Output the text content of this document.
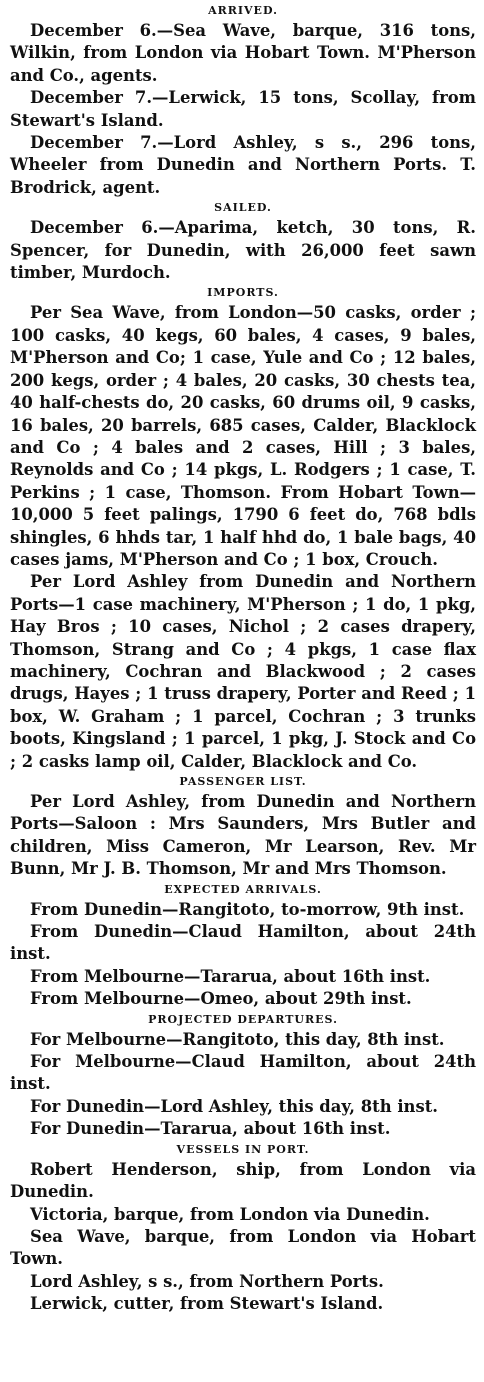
ARRIVED.

December 6.—Sea Wave, barque, 316 tons, Wilkin, from London via Hobart Town. M'Pherson and Co., agents.

December 7.—Lerwick, 15 tons, Scollay, from Stewart's Island.

December 7.—Lord Ashley, s s., 296 tons, Wheeler from Dunedin and Northern Ports. T. Brodrick, agent.

SAILED.

December 6.—Aparima, ketch, 30 tons, R. Spencer, for Dunedin, with 26,000 feet sawn timber, Murdoch.

IMPORTS.

Per Sea Wave, from London—50 casks, order ; 100 casks, 40 kegs, 60 bales, 4 cases, 9 bales, M'Pherson and Co; 1 case, Yule and Co ; 12 bales, 200 kegs, order ; 4 bales, 20 casks, 30 chests tea, 40 half-chests do, 20 casks, 60 drums oil, 9 casks, 16 bales, 20 barrels, 685 cases, Calder, Blacklock and Co ; 4 bales and 2 cases, Hill ; 3 bales, Reynolds and Co ; 14 pkgs, L. Rodgers ; 1 case, T. Perkins ; 1 case, Thomson. From Hobart Town—10,000 5 feet palings, 1790 6 feet do, 768 bdls shingles, 6 hhds tar, 1 half hhd do, 1 bale bags, 40 cases jams, M'Pherson and Co ; 1 box, Crouch.

Per Lord Ashley from Dunedin and Northern Ports—1 case machinery, M'Pherson ; 1 do, 1 pkg, Hay Bros ; 10 cases, Nichol ; 2 cases drapery, Thomson, Strang and Co ; 4 pkgs, 1 case flax machinery, Cochran and Blackwood ; 2 cases drugs, Hayes ; 1 truss drapery, Porter and Reed ; 1 box, W. Graham ; 1 parcel, Cochran ; 3 trunks boots, Kingsland ; 1 parcel, 1 pkg, J. Stock and Co ; 2 casks lamp oil, Calder, Blacklock and Co.

PASSENGER LIST.

Per Lord Ashley, from Dunedin and Northern Ports—Saloon : Mrs Saunders, Mrs Butler and children, Miss Cameron, Mr Learson, Rev. Mr Bunn, Mr J. B. Thomson, Mr and Mrs Thomson.

EXPECTED ARRIVALS.

From Dunedin—Rangitoto, to-morrow, 9th inst.

From Dunedin—Claud Hamilton, about 24th inst.

From Melbourne—Tararua, about 16th inst.

From Melbourne—Omeo, about 29th inst.

PROJECTED DEPARTURES.

For Melbourne—Rangitoto, this day, 8th inst.

For Melbourne—Claud Hamilton, about 24th inst.

For Dunedin—Lord Ashley, this day, 8th inst.

For Dunedin—Tararua, about 16th inst.

VESSELS IN PORT.

Robert Henderson, ship, from London via Dunedin.

Victoria, barque, from London via Dunedin.

Sea Wave, barque, from London via Hobart Town.

Lord Ashley, s s., from Northern Ports.

Lerwick, cutter, from Stewart's Island.
